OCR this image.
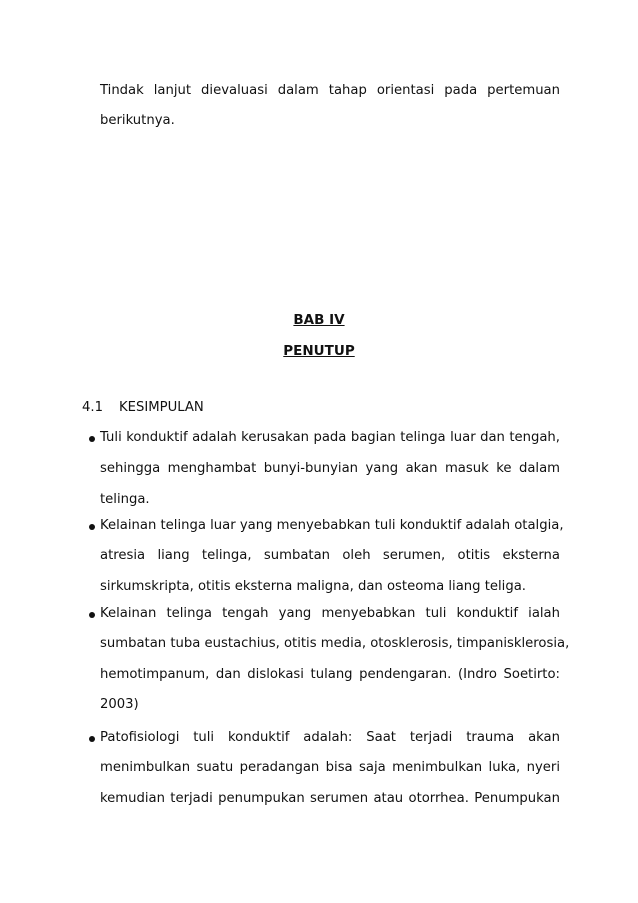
Tindak lanjut dievaluasi dalam tahap orientasi pada pertemuan
berikutnya.
BAB IV
PENUTUP
4.1 KESIMPULAN
Tuli konduktif adalah kerusakan pada bagian telinga luar dan tengah,
sehingga menghambat bunyi-bunyian yang akan masuk ke dalam
telinga.
Kelainan telinga luar yang menyebabkan tuli konduktif adalah otalgia,
atresia liang telinga, sumbatan oleh serumen, otitis eksterna
sirkumskripta, otitis eksterna maligna, dan osteoma liang teliga.
Kelainan telinga tengah yang menyebabkan tuli konduktif ialah
sumbatan tuba eustachius, otitis media, otosklerosis, timpanisklerosia,
hemotimpanum, dan dislokasi tulang pendengaran. (Indro Soetirto:
2003)
Patofisiologi tuli konduktif adalah: Saat terjadi trauma akan
menimbulkan suatu peradangan bisa saja menimbulkan luka, nyeri
kemudian terjadi penumpukan serumen atau otorrhea. Penumpukan
